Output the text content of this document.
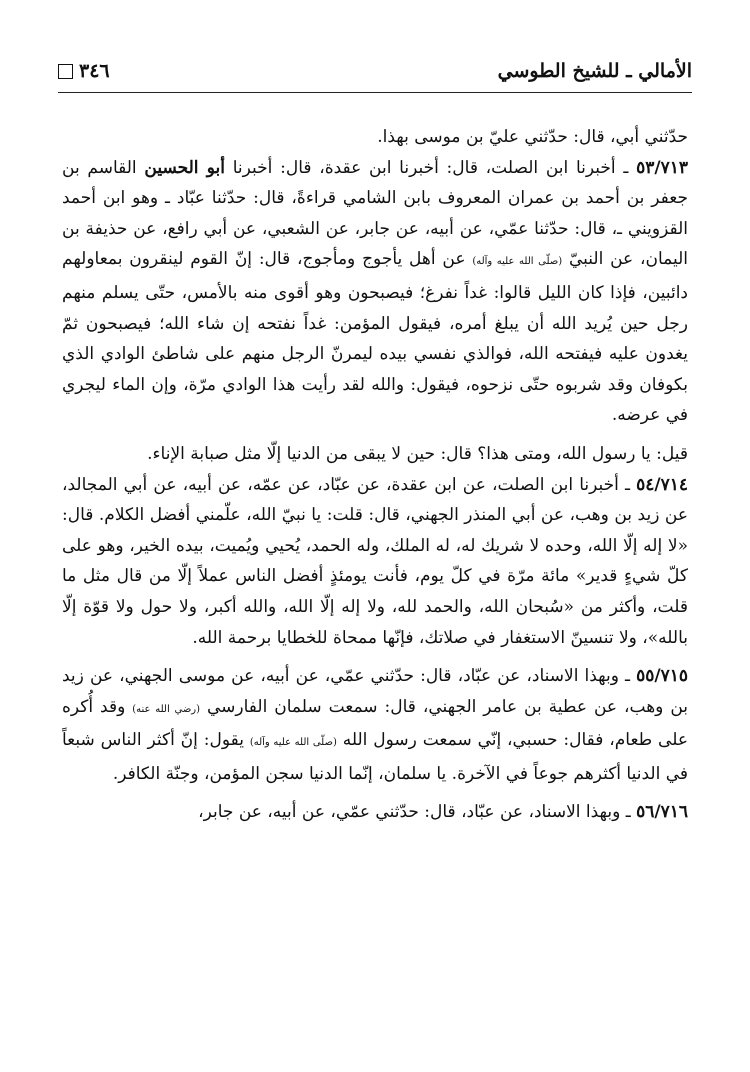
الأمالي ـ للشيخ الطوسي
٣٤٦

حدّثني أبي، قال: حدّثني عليّ بن موسى بهذا.

٥٣/٧١٣ ـ أخبرنا ابن الصلت، قال: أخبرنا ابن عقدة، قال: أخبرنا أبو الحسين القاسم بن جعفر بن أحمد بن عمران المعروف بابن الشامي قراءةً، قال: حدّثنا عبّاد ـ وهو ابن أحمد القزويني ـ، قال: حدّثنا عمّي، عن أبيه، عن جابر، عن الشعبي، عن أبي رافع، عن حذيفة بن اليمان، عن النبيّ (صلّى الله عليه وآله) عن أهل يأجوج ومأجوج، قال: إنّ القوم لينقرون بمعاولهم دائبين، فإذا كان الليل قالوا: غداً نفرغ؛ فيصبحون وهو أقوى منه بالأمس، حتّى يسلم منهم رجل حين يُريد الله أن يبلغ أمره، فيقول المؤمن: غداً نفتحه إن شاء الله؛ فيصبحون ثمّ يغدون عليه فيفتحه الله، فوالذي نفسي بيده ليمرنّ الرجل منهم على شاطئ الوادي الذي بكوفان وقد شربوه حتّى نزحوه، فيقول: والله لقد رأيت هذا الوادي مرّة، وإن الماء ليجري في عرضه.

قيل: يا رسول الله، ومتى هذا؟ قال: حين لا يبقى من الدنيا إلّا مثل صبابة الإناء.

٥٤/٧١٤ ـ أخبرنا ابن الصلت، عن ابن عقدة، عن عبّاد، عن عمّه، عن أبيه، عن أبي المجالد، عن زيد بن وهب، عن أبي المنذر الجهني، قال: قلت: يا نبيّ الله، علّمني أفضل الكلام. قال: «لا إله إلّا الله، وحده لا شريك له، له الملك، وله الحمد، يُحيي ويُميت، بيده الخير، وهو على كلّ شيءٍ قدير» مائة مرّة في كلّ يوم، فأنت يومئذٍ أفضل الناس عملاً إلّا من قال مثل ما قلت، وأكثر من «سُبحان الله، والحمد لله، ولا إله إلّا الله، والله أكبر، ولا حول ولا قوّة إلّا بالله»، ولا تنسينّ الاستغفار في صلاتك، فإنّها ممحاة للخطايا برحمة الله.

٥٥/٧١٥ ـ وبهذا الاسناد، عن عبّاد، قال: حدّثني عمّي، عن أبيه، عن موسى الجهني، عن زيد بن وهب، عن عطية بن عامر الجهني، قال: سمعت سلمان الفارسي (رضي الله عنه) وقد أُكره على طعام، فقال: حسبي، إنّي سمعت رسول الله (صلّى الله عليه وآله) يقول: إنّ أكثر الناس شبعاً في الدنيا أكثرهم جوعاً في الآخرة. يا سلمان، إنّما الدنيا سجن المؤمن، وجنّة الكافر.

٥٦/٧١٦ ـ وبهذا الاسناد، عن عبّاد، قال: حدّثني عمّي، عن أبيه، عن جابر،
